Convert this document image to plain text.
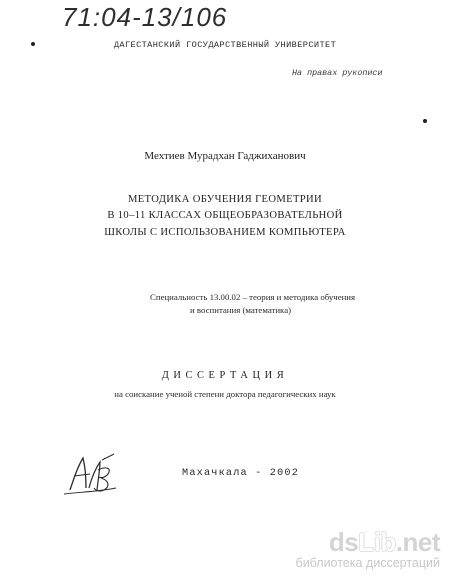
71:04-13/106
ДАГЕСТАНСКИЙ ГОСУДАРСТВЕННЫЙ УНИВЕРСИТЕТ
На правах рукописи
Мехтиев Мурадхан Гаджиханович
МЕТОДИКА ОБУЧЕНИЯ ГЕОМЕТРИИ
В 10–11 КЛАССАХ ОБЩЕОБРАЗОВАТЕЛЬНОЙ
ШКОЛЫ С ИСПОЛЬЗОВАНИЕМ КОМПЬЮТЕРА
Специальность 13.00.02 – теория и методика обучения
и воспитания (математика)
ДИССЕРТАЦИЯ
на соискание ученой степени доктора педагогических наук
Махачкала - 2002
dsLib.net
библиотека диссертаций
